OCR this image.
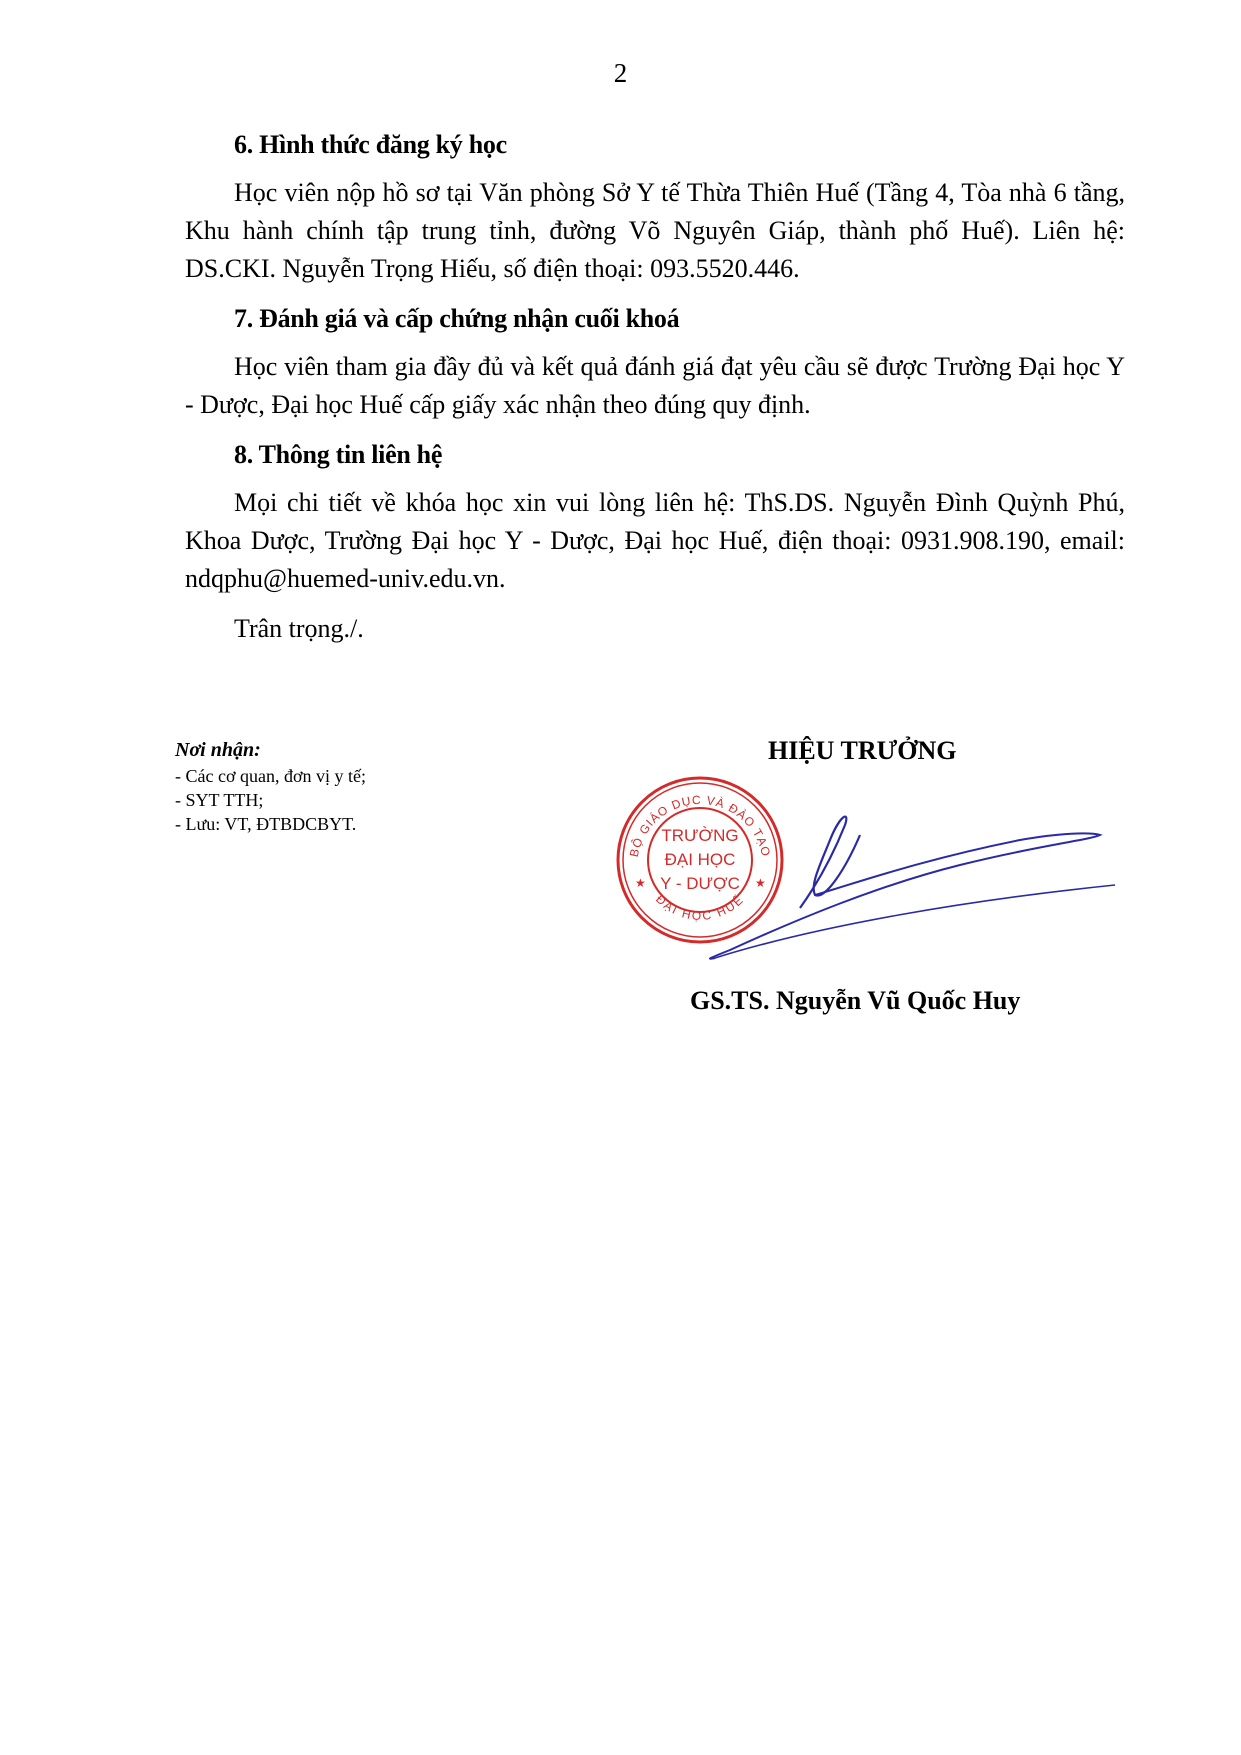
2
6. Hình thức đăng ký học

Học viên nộp hồ sơ tại Văn phòng Sở Y tế Thừa Thiên Huế (Tầng 4, Tòa nhà 6 tầng, Khu hành chính tập trung tỉnh, đường Võ Nguyên Giáp, thành phố Huế). Liên hệ: DS.CKI. Nguyễn Trọng Hiếu, số điện thoại: 093.5520.446.

7. Đánh giá và cấp chứng nhận cuối khoá

Học viên tham gia đầy đủ và kết quả đánh giá đạt yêu cầu sẽ được Trường Đại học Y - Dược, Đại học Huế cấp giấy xác nhận theo đúng quy định.

8. Thông tin liên hệ

Mọi chi tiết về khóa học xin vui lòng liên hệ: ThS.DS. Nguyễn Đình Quỳnh Phú, Khoa Dược, Trường Đại học Y - Dược, Đại học Huế, điện thoại: 0931.908.190, email: ndqphu@huemed-univ.edu.vn.

Trân trọng./.

Nơi nhận:
- Các cơ quan, đơn vị y tế;
- SYT TTH;
- Lưu: VT, ĐTBDCBYT.
HIỆU TRƯỞNG
BỘ GIÁO DỤC VÀ ĐÀO TẠO
ĐẠI HỌC HUẾ
TRƯỜNG
ĐẠI HỌC
Y - DƯỢC
★	★
GS.TS. Nguyễn Vũ Quốc Huy
